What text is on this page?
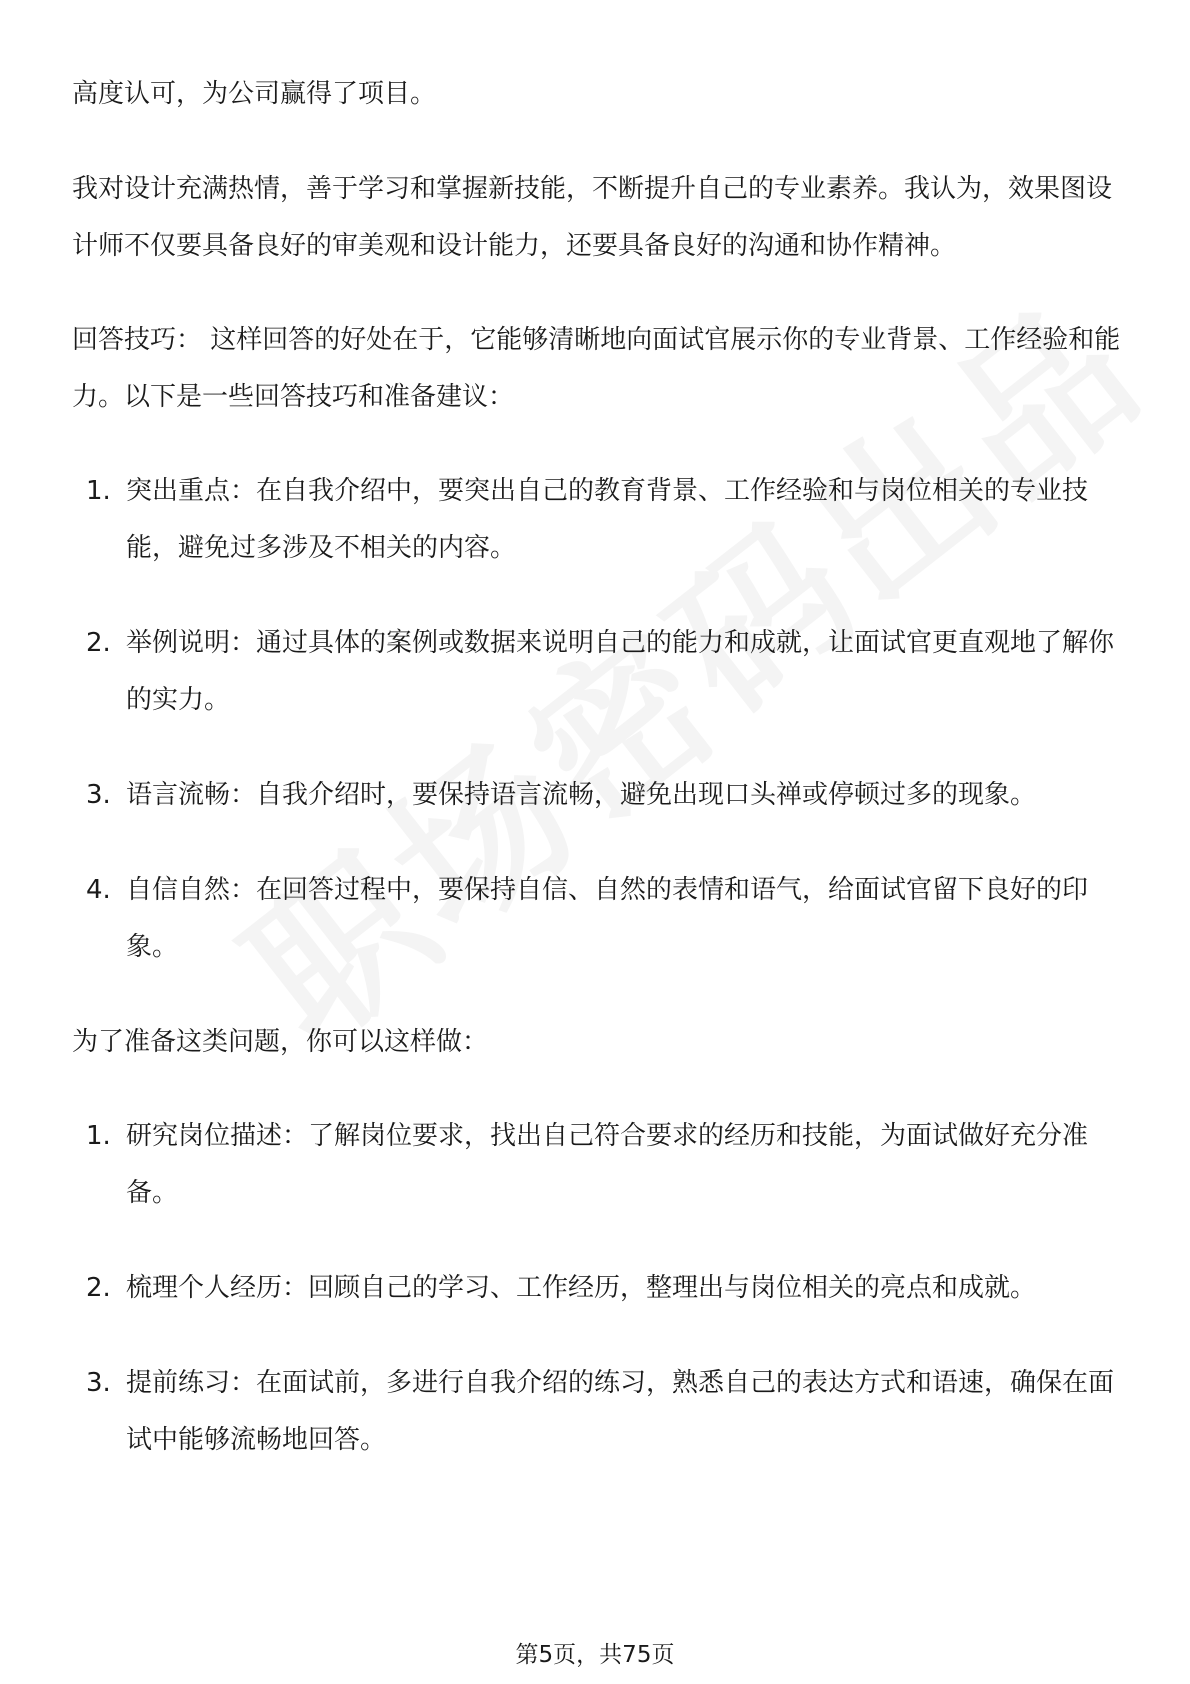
高度认可，为公司赢得了项目。

我对设计充满热情，善于学习和掌握新技能，不断提升自己的专业素养。我认为，效果图设计师不仅要具备良好的审美观和设计能力，还要具备良好的沟通和协作精神。

回答技巧： 这样回答的好处在于，它能够清晰地向面试官展示你的专业背景、工作经验和能力。以下是一些回答技巧和准备建议：

1. 突出重点：在自我介绍中，要突出自己的教育背景、工作经验和与岗位相关的专业技能，避免过多涉及不相关的内容。
2. 举例说明：通过具体的案例或数据来说明自己的能力和成就，让面试官更直观地了解你的实力。
3. 语言流畅：自我介绍时，要保持语言流畅，避免出现口头禅或停顿过多的现象。
4. 自信自然：在回答过程中，要保持自信、自然的表情和语气，给面试官留下良好的印象。

为了准备这类问题，你可以这样做：

1. 研究岗位描述：了解岗位要求，找出自己符合要求的经历和技能，为面试做好充分准备。
2. 梳理个人经历：回顾自己的学习、工作经历，整理出与岗位相关的亮点和成就。
3. 提前练习：在面试前，多进行自我介绍的练习，熟悉自己的表达方式和语速，确保在面试中能够流畅地回答。
第5页，共75页
